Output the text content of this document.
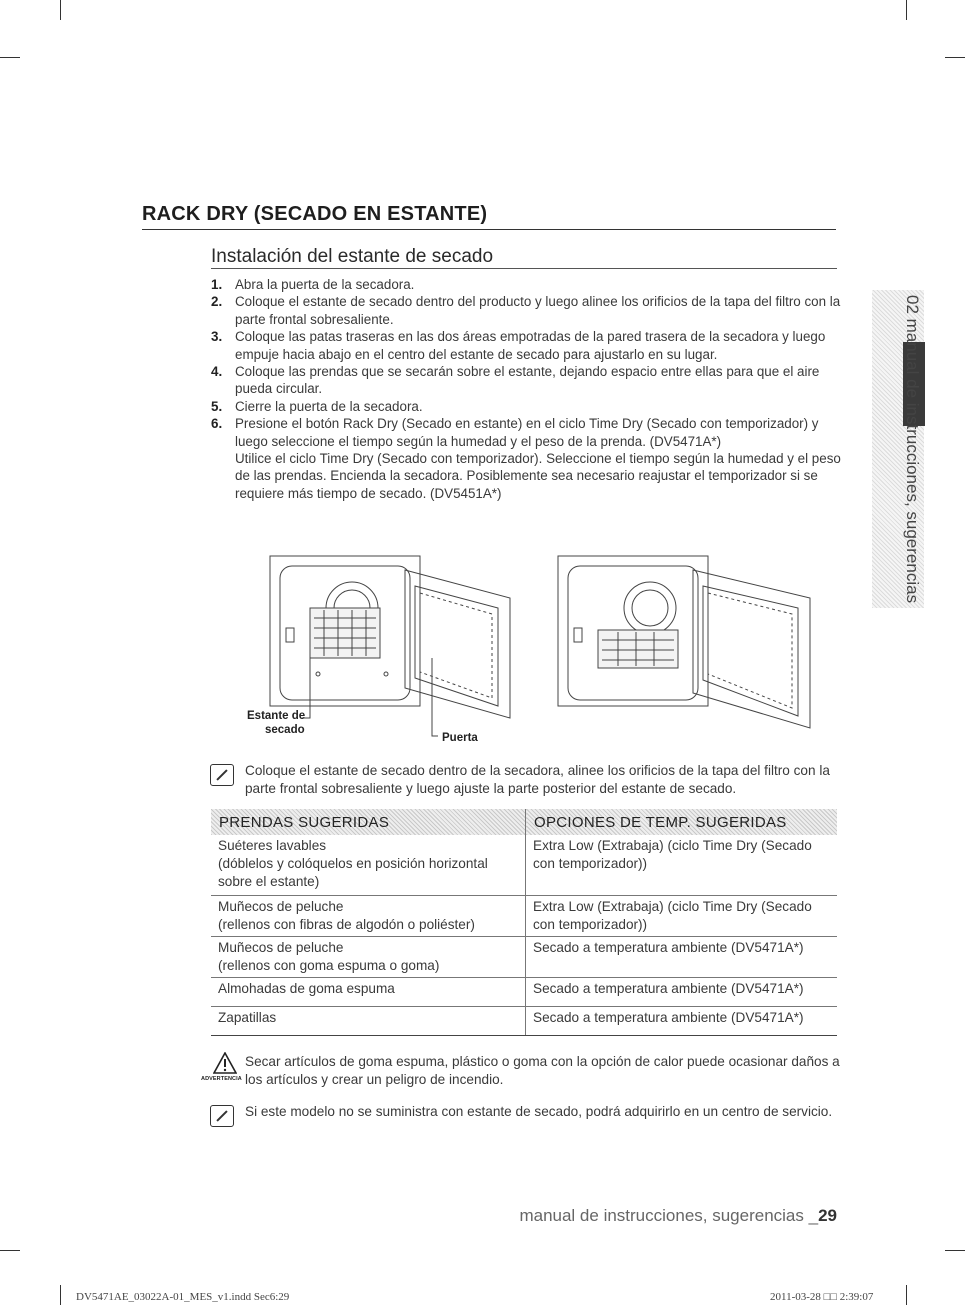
02 manual de instrucciones, sugerencias
RACK DRY (SECADO EN ESTANTE)
Instalación del estante de secado
1. Abra la puerta de la secadora.
2. Coloque el estante de secado dentro del producto y luego alinee los orificios de la tapa del filtro con la parte frontal sobresaliente.
3. Coloque las patas traseras en las dos áreas empotradas de la pared trasera de la secadora y luego empuje hacia abajo en el centro del estante de secado para ajustarlo en su lugar.
4. Coloque las prendas que se secarán sobre el estante, dejando espacio entre ellas para que el aire pueda circular.
5. Cierre la puerta de la secadora.
6. Presione el botón Rack Dry (Secado en estante) en el ciclo Time Dry (Secado con temporizador) y luego seleccione el tiempo según la humedad y el peso de la prenda. (DV5471A*)
Utilice el ciclo Time Dry (Secado con temporizador). Seleccione el tiempo según la humedad y el peso de las prendas. Encienda la secadora. Posiblemente sea necesario reajustar el temporizador si se requiere más tiempo de secado. (DV5451A*)
Estante de
secado
Puerta
Coloque el estante de secado dentro de la secadora, alinee los orificios de la tapa del filtro con la parte frontal sobresaliente y luego ajuste la parte posterior del estante de secado.
PRENDAS SUGERIDAS	OPCIONES DE TEMP. SUGERIDAS
Suéteres lavables
(dóblelos y colóquelos en posición horizontal sobre el estante)	Extra Low (Extrabaja) (ciclo Time Dry (Secado con temporizador))
Muñecos de peluche
(rellenos con fibras de algodón o poliéster)	Extra Low (Extrabaja) (ciclo Time Dry (Secado con temporizador))
Muñecos de peluche
(rellenos con goma espuma o goma)	Secado a temperatura ambiente (DV5471A*)
Almohadas de goma espuma	Secado a temperatura ambiente (DV5471A*)
Zapatillas	Secado a temperatura ambiente (DV5471A*)
ADVERTENCIA
Secar artículos de goma espuma, plástico o goma con la opción de calor puede ocasionar daños a los artículos y crear un peligro de incendio.
Si este modelo no se suministra con estante de secado, podrá adquirirlo en un centro de servicio.
manual de instrucciones, sugerencias _29
DV5471AE_03022A-01_MES_v1.indd Sec6:29	2011-03-28 □□ 2:39:07
